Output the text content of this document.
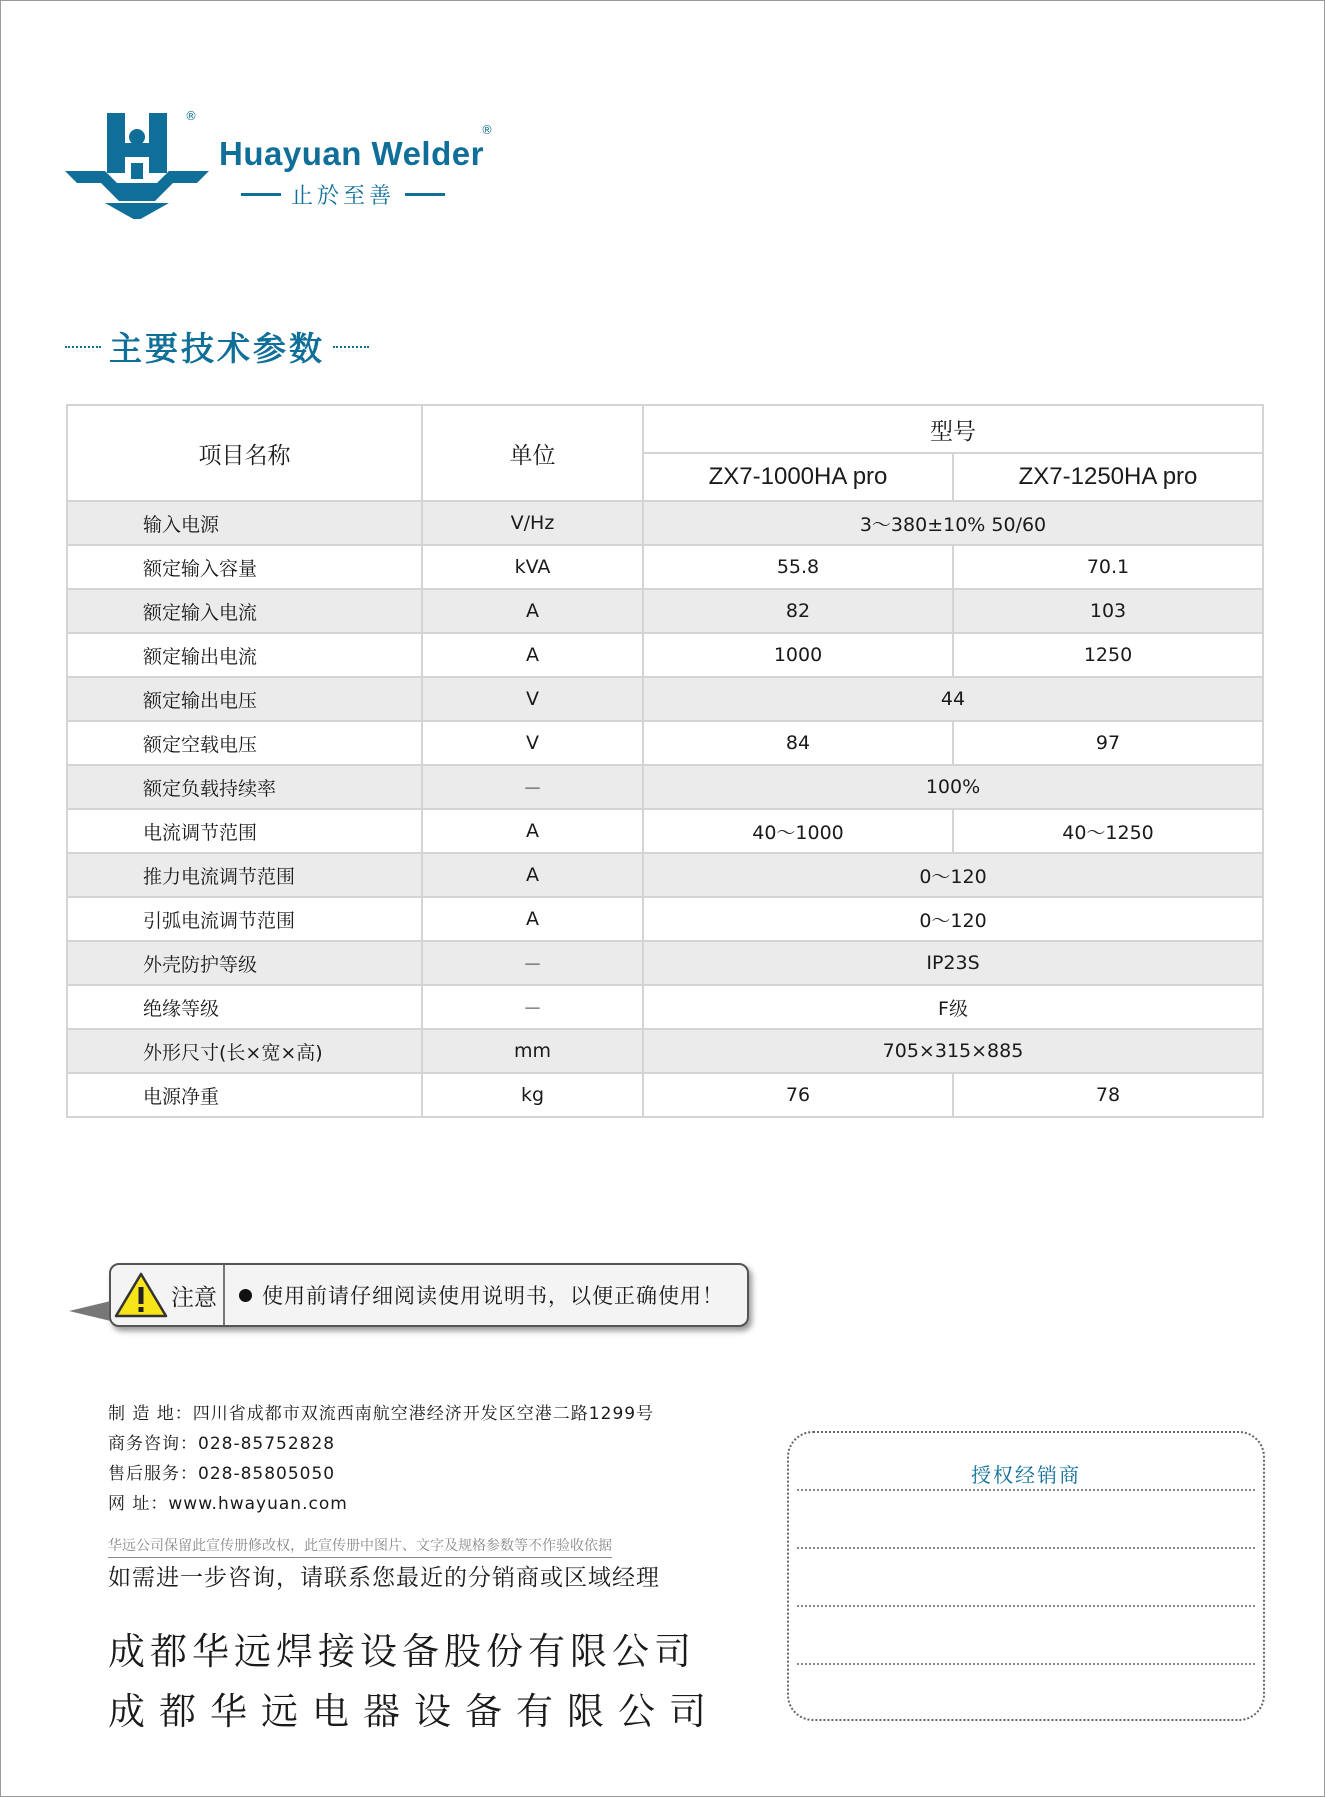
®
Huayuan Welder
®
止於至善
主要技术参数
项目名称	单位	型号	
		ZX7-1000HA pro	ZX7-1250HA pro
输入电源	V/Hz	3～380±10% 50/60	
额定输入容量	kVA	55.8	70.1
额定输入电流	A	82	103
额定输出电流	A	1000	1250
额定输出电压	V	44	
额定空载电压	V	84	97
额定负载持续率	－	100%	
电流调节范围	A	40～1000	40～1250
推力电流调节范围	A	0～120	
引弧电流调节范围	A	0～120	
外壳防护等级	－	IP23S	
绝缘等级	－	F级	
外形尺寸(长×宽×高)	mm	705×315×885	
电源净重	kg	76	78
注意 使用前请仔细阅读使用说明书，以便正确使用！
制 造 地：四川省成都市双流西南航空港经济开发区空港二路1299号
商务咨询：028-85752828
售后服务：028-85805050
网 址：www.hwayuan.com
华远公司保留此宣传册修改权，此宣传册中图片、文字及规格参数等不作验收依据
如需进一步咨询，请联系您最近的分销商或区域经理
成都华远焊接设备股份有限公司
成都华远电器设备有限公司
授权经销商
